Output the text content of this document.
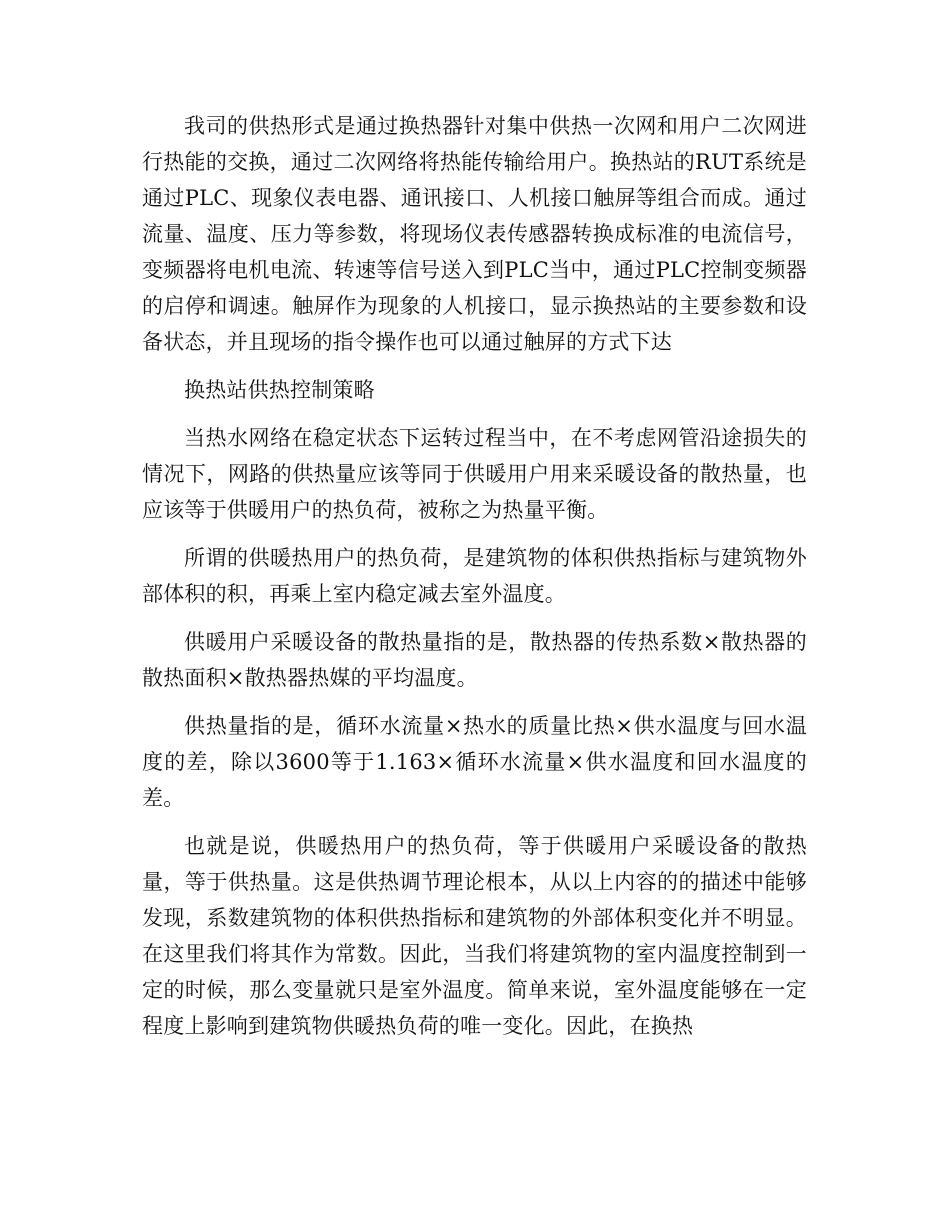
我司的供热形式是通过换热器针对集中供热一次网和用户二次网进行热能的交换，通过二次网络将热能传输给用户。换热站的RUT系统是通过PLC、现象仪表电器、通讯接口、人机接口触屏等组合而成。通过流量、温度、压力等参数，将现场仪表传感器转换成标准的电流信号，变频器将电机电流、转速等信号送入到PLC当中，通过PLC控制变频器的启停和调速。触屏作为现象的人机接口，显示换热站的主要参数和设备状态，并且现场的指令操作也可以通过触屏的方式下达

换热站供热控制策略

当热水网络在稳定状态下运转过程当中，在不考虑网管沿途损失的情况下，网路的供热量应该等同于供暖用户用来采暖设备的散热量，也应该等于供暖用户的热负荷，被称之为热量平衡。

所谓的供暖热用户的热负荷，是建筑物的体积供热指标与建筑物外部体积的积，再乘上室内稳定减去室外温度。

供暖用户采暖设备的散热量指的是，散热器的传热系数×散热器的散热面积×散热器热媒的平均温度。

供热量指的是，循环水流量×热水的质量比热×供水温度与回水温度的差，除以3600等于1.163×循环水流量×供水温度和回水温度的差。

也就是说，供暖热用户的热负荷，等于供暖用户采暖设备的散热量，等于供热量。这是供热调节理论根本，从以上内容的的描述中能够发现，系数建筑物的体积供热指标和建筑物的外部体积变化并不明显。在这里我们将其作为常数。因此，当我们将建筑物的室内温度控制到一定的时候，那么变量就只是室外温度。简单来说，室外温度能够在一定程度上影响到建筑物供暖热负荷的唯一变化。因此，在换热
